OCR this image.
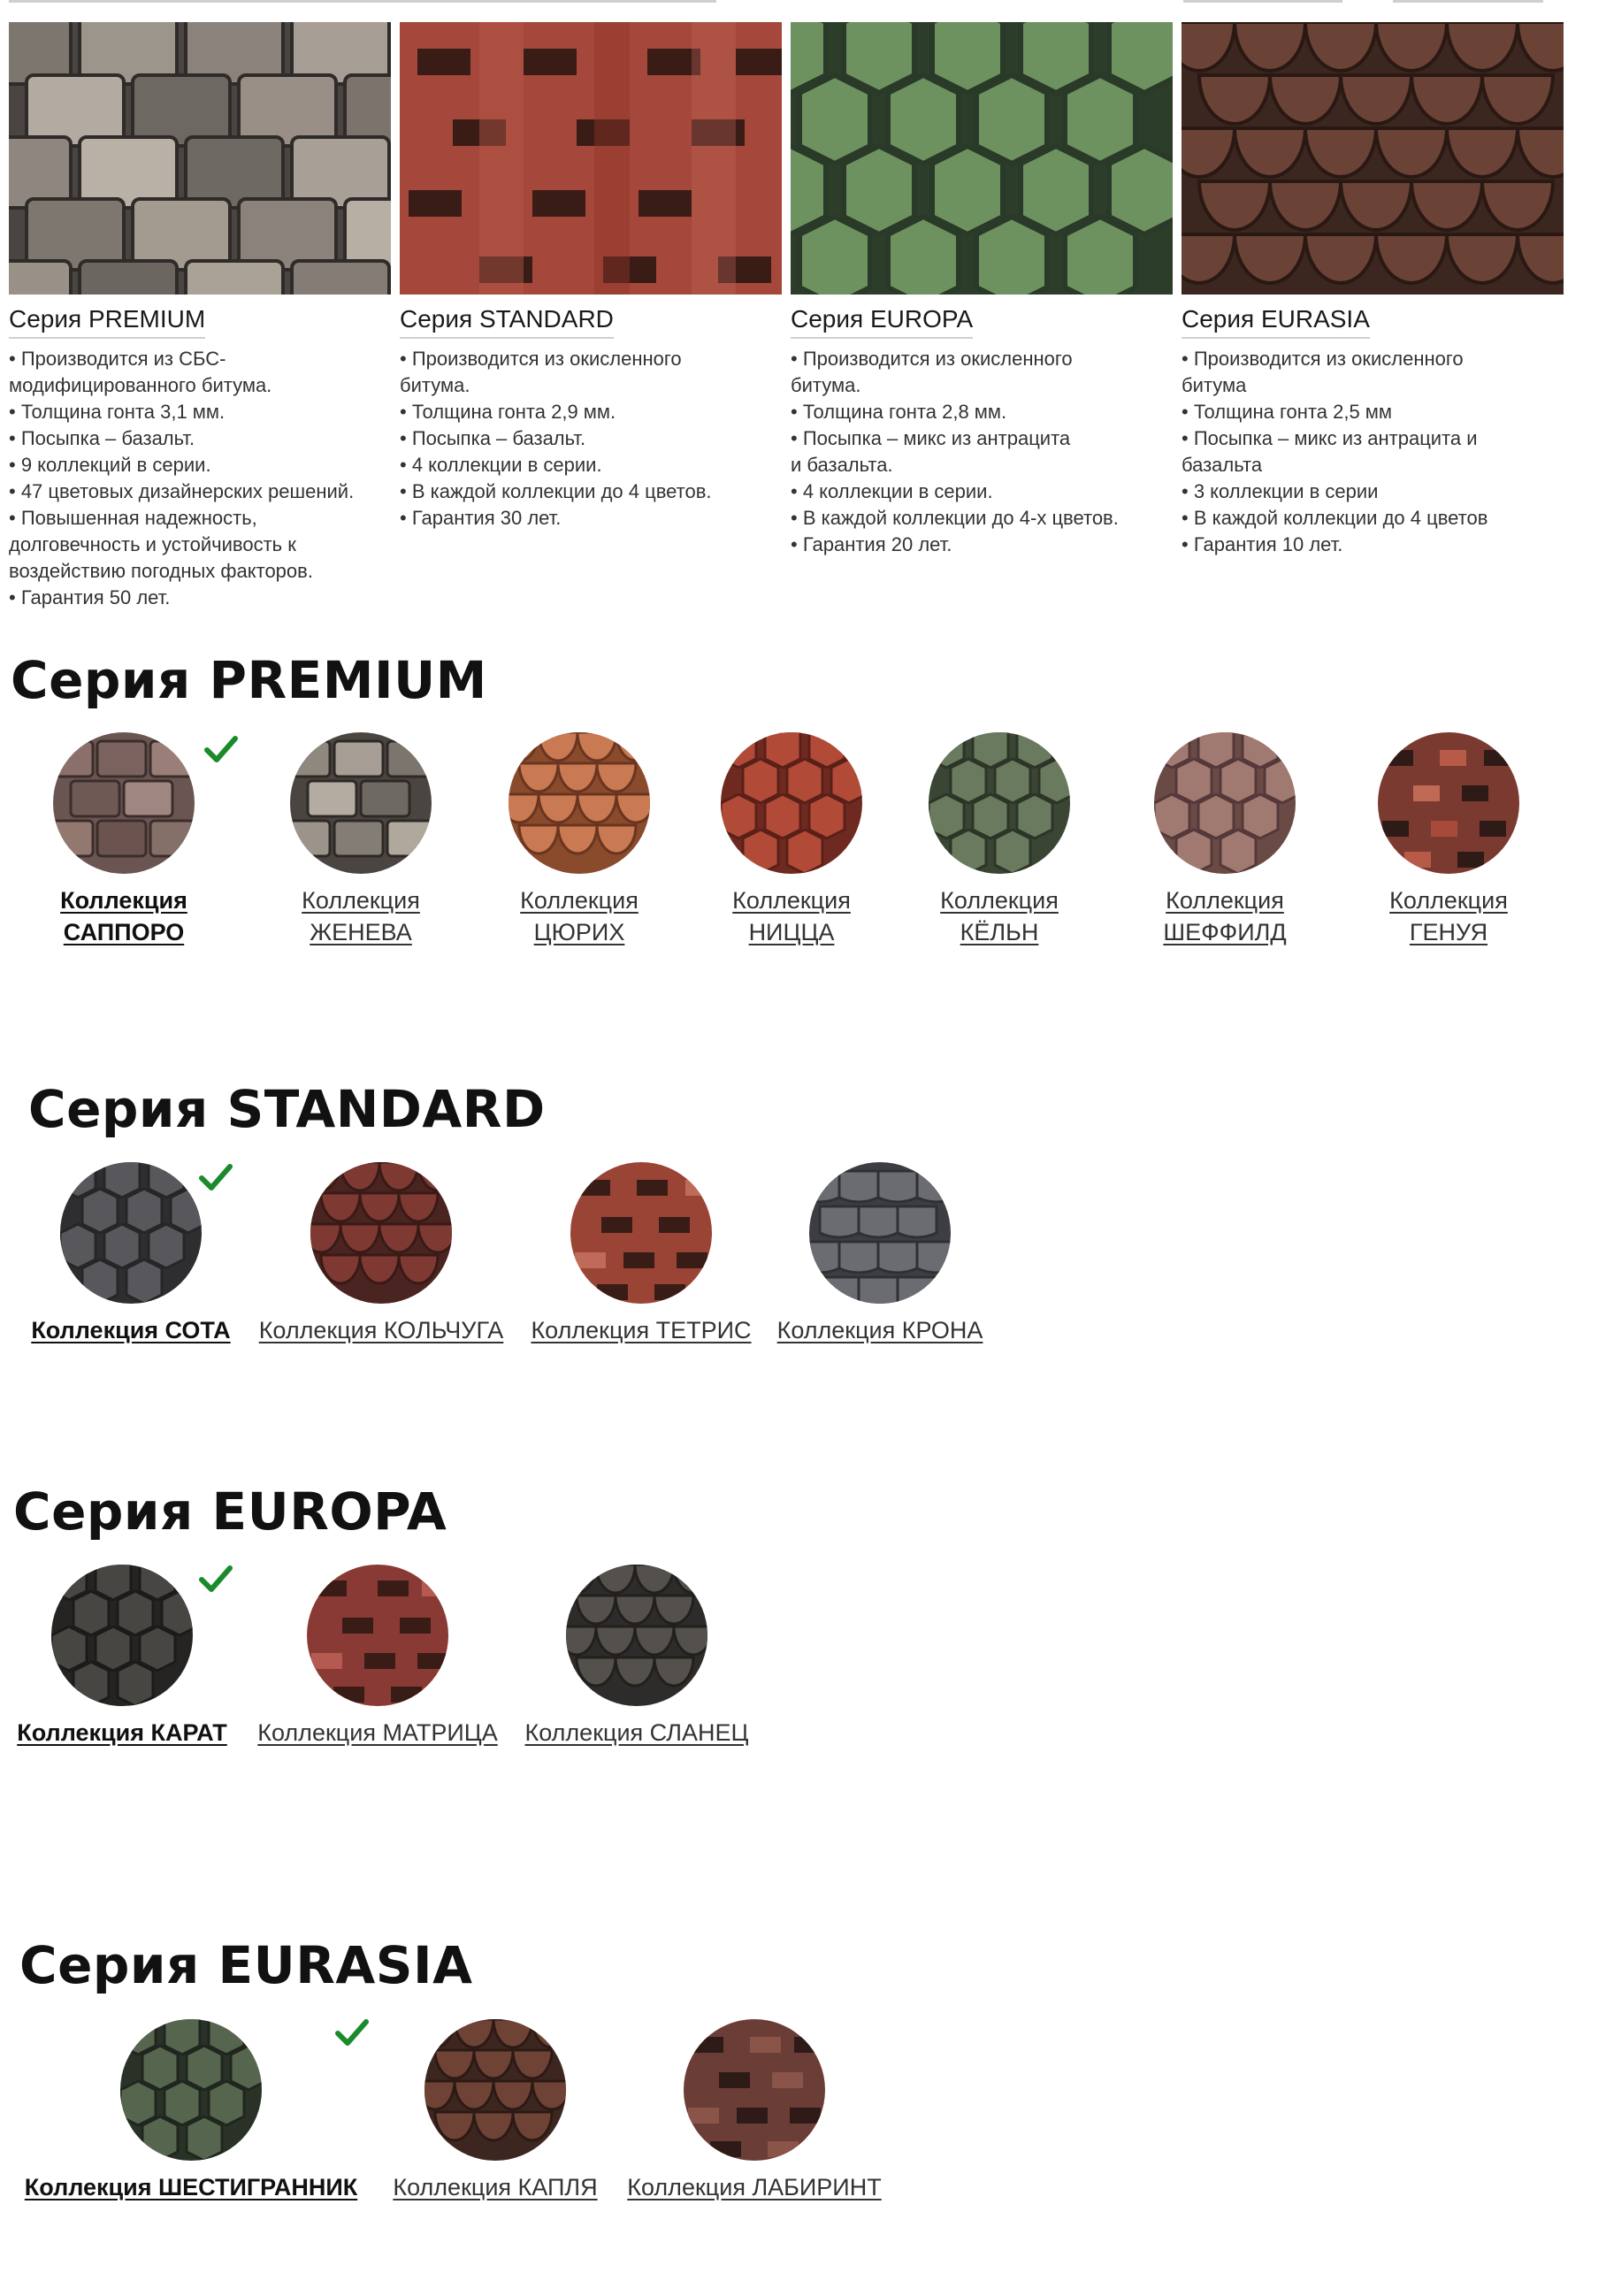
Серия PREMIUM
• Производится из СБС-
модифицированного битума.
• Толщина гонта 3,1 мм.
• Посыпка – базальт.
• 9 коллекций в серии.
• 47 цветовых дизайнерских решений.
• Повышенная надежность,
долговечность и устойчивость к
воздействию погодных факторов.
• Гарантия 50 лет.
Серия STANDARD
• Производится из окисленного
битума.
• Толщина гонта 2,9 мм.
• Посыпка – базальт.
• 4 коллекции в серии.
• В каждой коллекции до 4 цветов.
• Гарантия 30 лет.
Серия EUROPA
• Производится из окисленного
битума.
• Толщина гонта 2,8 мм.
• Посыпка – микс из антрацита
и базальта.
• 4 коллекции в серии.
• В каждой коллекции до 4-х цветов.
• Гарантия 20 лет.
Серия EURASIA
• Производится из окисленного
битума
• Толщина гонта 2,5 мм
• Посыпка – микс из антрацита и
базальта
• 3 коллекции в серии
• В каждой коллекции до 4 цветов
• Гарантия 10 лет.
Серия PREMIUM
Коллекция
САППОРО
Коллекция
ЖЕНЕВА
Коллекция
ЦЮРИХ
Коллекция
НИЦЦА
Коллекция
КЁЛЬН
Коллекция
ШЕФФИЛД
Коллекция
ГЕНУЯ
Серия STANDARD
Коллекция СОТА	Коллекция КОЛЬЧУГА Коллекция ТЕТРИС	Коллекция КРОНА
Серия EUROPA
Коллекция КАРАТ	Коллекция МАТРИЦА	Коллекция СЛАНЕЦ
Серия EURASIA
Коллекция ШЕСТИГРАННИК	Коллекция КАПЛЯ	Коллекция ЛАБИРИНТ
